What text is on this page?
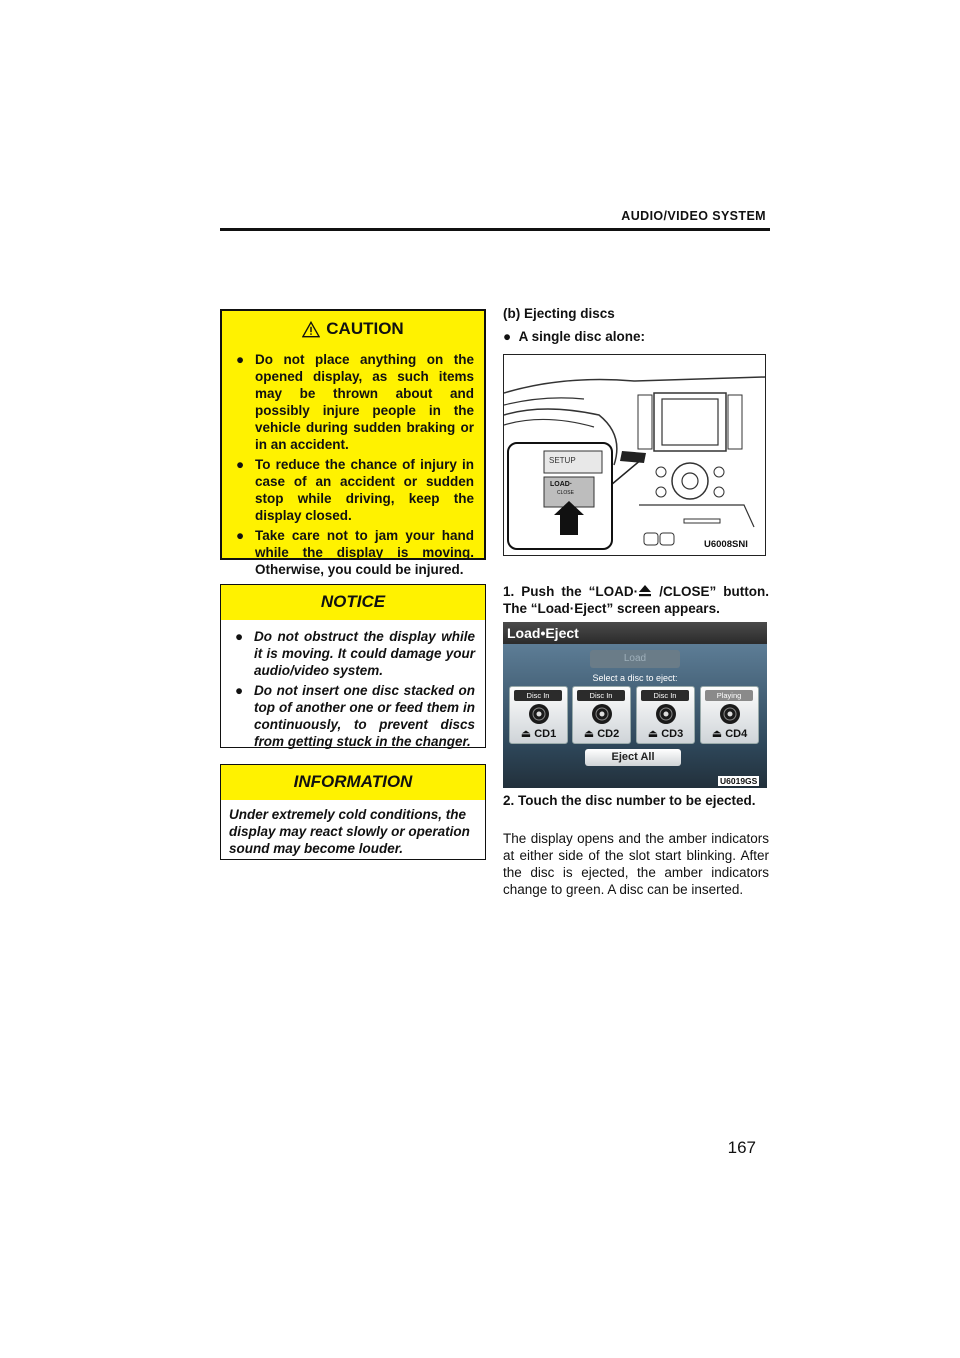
AUDIO/VIDEO SYSTEM
CAUTION
● Do not place anything on the opened display, as such items may be thrown about and possibly injure people in the vehicle during sudden braking or in an accident.
● To reduce the chance of injury in case of an accident or sudden stop while driving, keep the display closed.
● Take care not to jam your hand while the display is moving. Otherwise, you could be injured.
NOTICE
● Do not obstruct the display while it is moving. It could damage your audio/video system.
● Do not insert one disc stacked on top of another one or feed them in continuously, to prevent discs from getting stuck in the changer.
INFORMATION
Under extremely cold conditions, the display may react slowly or operation sound may become louder.
(b) Ejecting discs
● A single disc alone:
SETUP
LOAD·
CLOSE
U6008SNI
1. Push the “LOAD· /CLOSE” button. The “Load·Eject” screen appears.
Load•Eject
Load
Select a disc to eject:
Disc In
⏏ CD1
Disc In
⏏ CD2
Disc In
⏏ CD3
Playing
⏏ CD4
Eject All
U6019GS
2. Touch the disc number to be ejected.
The display opens and the amber indicators at either side of the slot start blinking. After the disc is ejected, the amber indicators change to green. A disc can be inserted.
167
